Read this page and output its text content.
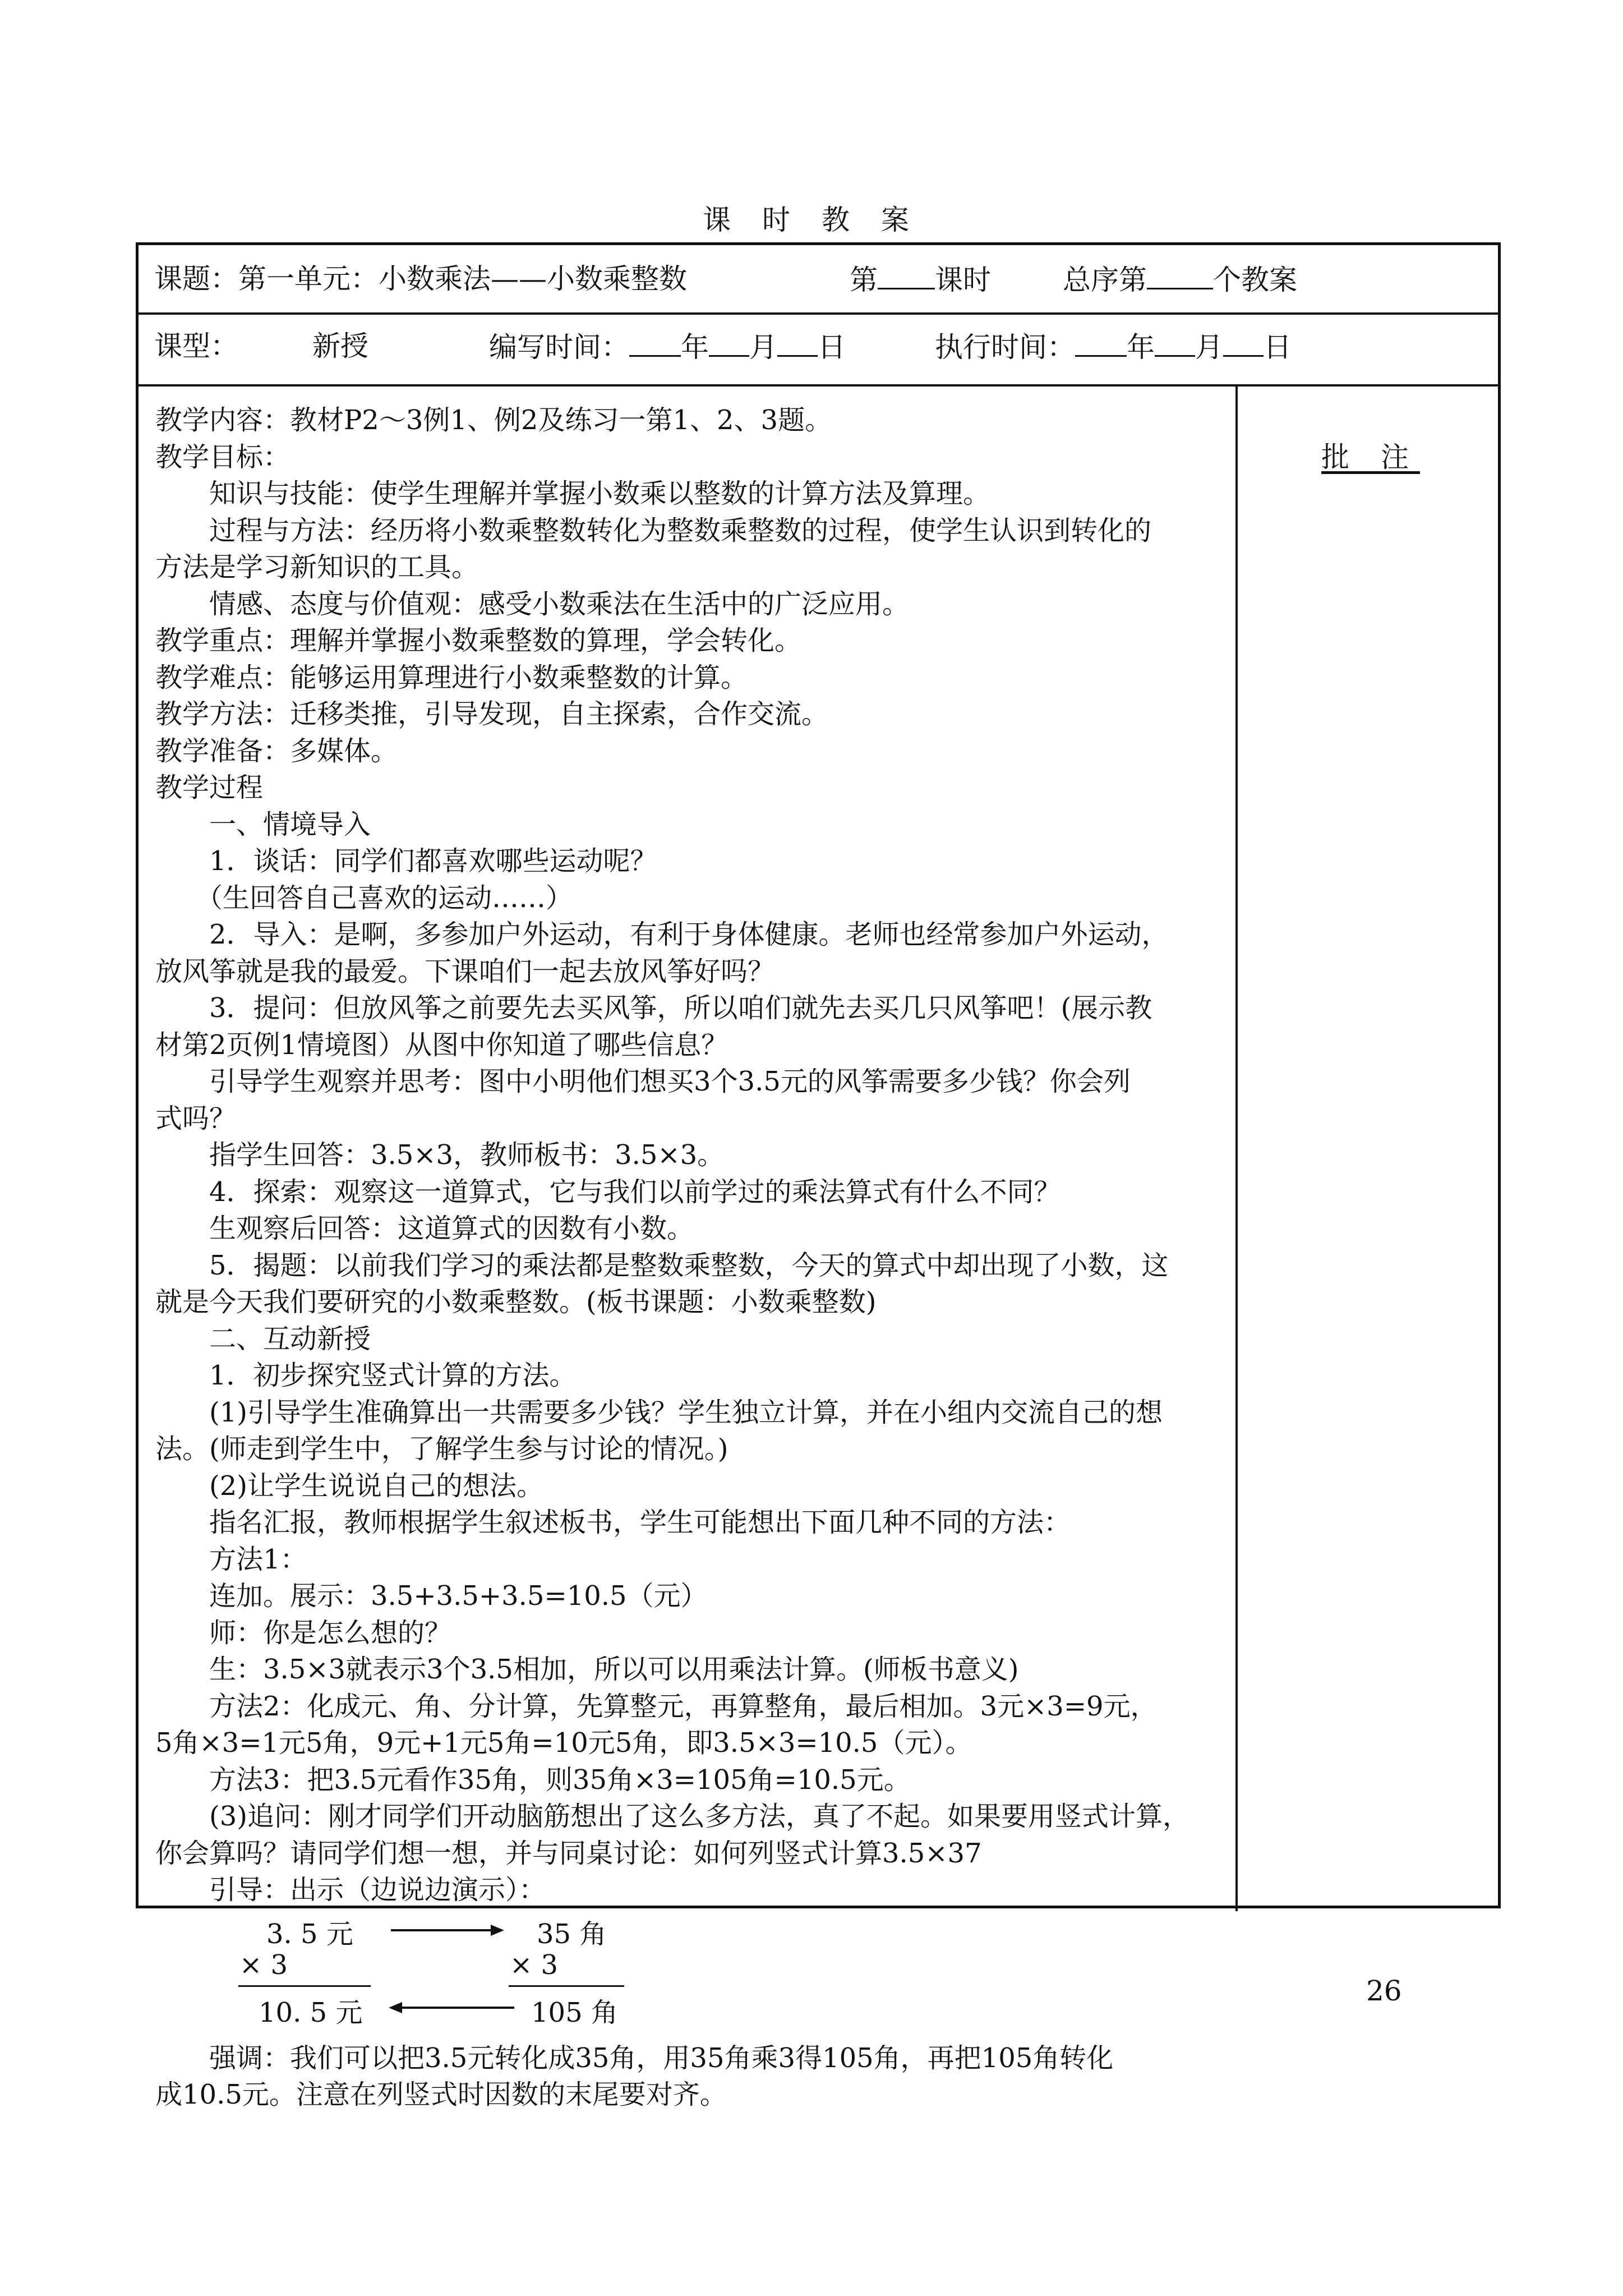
课 时 教 案
课题：第一单元：小数乘法——小数乘整数	第 课时	总序第 个教案
课型：	新授	编写时间： 年 月 日	执行时间： 年 月 日
教学内容：教材P2～3例1、例2及练习一第1、2、3题。
教学目标：
知识与技能：使学生理解并掌握小数乘以整数的计算方法及算理。
过程与方法：经历将小数乘整数转化为整数乘整数的过程，使学生认识到转化的
方法是学习新知识的工具。
情感、态度与价值观：感受小数乘法在生活中的广泛应用。
教学重点：理解并掌握小数乘整数的算理，学会转化。
教学难点：能够运用算理进行小数乘整数的计算。
教学方法：迁移类推，引导发现，自主探索，合作交流。
教学准备：多媒体。
教学过程
一、情境导入
1．谈话：同学们都喜欢哪些运动呢？
（生回答自己喜欢的运动……）
2．导入：是啊，多参加户外运动，有利于身体健康。老师也经常参加户外运动，
放风筝就是我的最爱。下课咱们一起去放风筝好吗？
3．提问：但放风筝之前要先去买风筝，所以咱们就先去买几只风筝吧！(展示教
材第2页例1情境图）从图中你知道了哪些信息？
引导学生观察并思考：图中小明他们想买3个3.5元的风筝需要多少钱？你会列
式吗？
指学生回答：3.5×3，教师板书：3.5×3。
4．探索：观察这一道算式，它与我们以前学过的乘法算式有什么不同？
生观察后回答：这道算式的因数有小数。
5．揭题：以前我们学习的乘法都是整数乘整数，今天的算式中却出现了小数，这
就是今天我们要研究的小数乘整数。(板书课题：小数乘整数)
二、互动新授
1．初步探究竖式计算的方法。
(1)引导学生准确算出一共需要多少钱？学生独立计算，并在小组内交流自己的想
法。(师走到学生中，了解学生参与讨论的情况。)
(2)让学生说说自己的想法。
指名汇报，教师根据学生叙述板书，学生可能想出下面几种不同的方法：
方法1：
连加。展示：3.5+3.5+3.5=10.5（元）
师：你是怎么想的？
生：3.5×3就表示3个3.5相加，所以可以用乘法计算。(师板书意义)
方法2：化成元、角、分计算，先算整元，再算整角，最后相加。3元×3=9元，
5角×3=1元5角，9元+1元5角=10元5角，即3.5×3=10.5（元）。
方法3：把3.5元看作35角，则35角×3=105角=10.5元。
(3)追问：刚才同学们开动脑筋想出了这么多方法，真了不起。如果要用竖式计算，
你会算吗？请同学们想一想，并与同桌讨论：如何列竖式计算3.5×37
引导：出示（边说边演示）：
3. 5 元	35 角
× 3	× 3
10. 5 元	105 角
强调：我们可以把3.5元转化成35角，用35角乘3得105角，再把105角转化
成10.5元。注意在列竖式时因数的末尾要对齐。
批 注
26
